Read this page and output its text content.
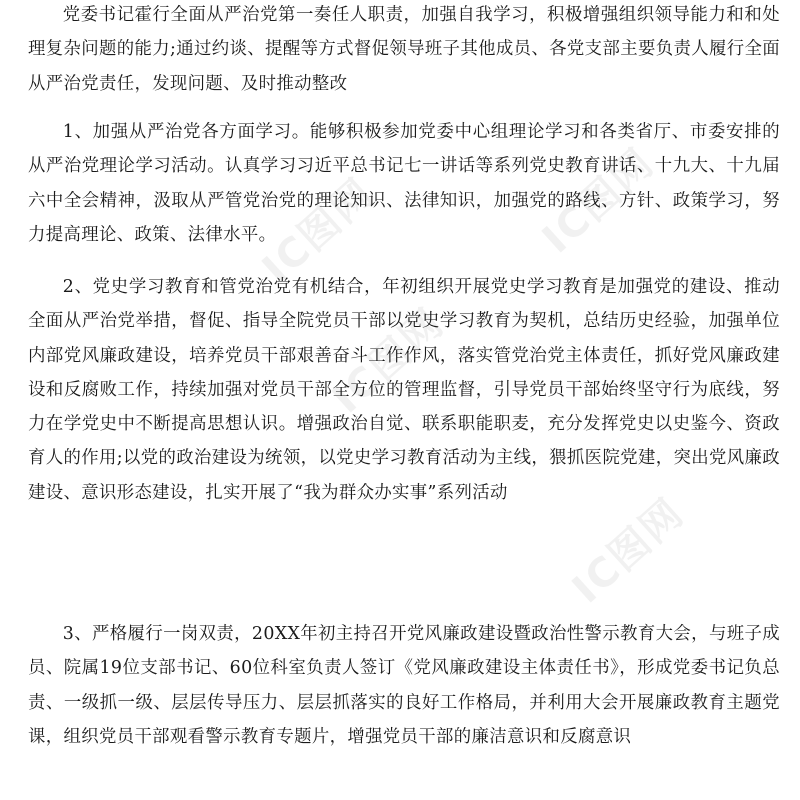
IC图网	IC图网
IC图网
IC图网

党委书记霍行全面从严治党第一奏任人职责，加强自我学习，积极增强组织领导能力和和处理复杂问题的能力;通过约谈、提醒等方式督促领导班子其他成员、各党支部主要负责人履行全面从严治党责任，发现问题、及时推动整改

1、加强从严治党各方面学习。能够积极参加党委中心组理论学习和各类省厅、市委安排的从严治党理论学习活动。认真学习习近平总书记七一讲话等系列党史教育讲话、十九大、十九届六中全会精神，汲取从严管党治党的理论知识、法律知识，加强党的路线、方针、政策学习，努力提高理论、政策、法律水平。

2、党史学习教育和管党治党有机结合，年初组织开展党史学习教育是加强党的建设、推动全面从严治党举措，督促、指导全院党员干部以党史学习教育为契机，总结历史经验，加强单位内部党风廉政建设，培养党员干部艰善奋斗工作作风，落实管党治党主体责任，抓好党风廉政建设和反腐败工作，持续加强对党员干部全方位的管理监督，引导党员干部始终坚守行为底线，努力在学党史中不断提高思想认识。增强政治自觉、联系职能职麦，充分发挥党史以史鉴今、资政育人的作用;以党的政治建设为统领，以党史学习教育活动为主线，猥抓医院党建，突出党风廉政建设、意识形态建设，扎实开展了“我为群众办实事”系列活动

3、严格履行一岗双责，20XX年初主持召开党风廉政建设暨政治性警示教育大会，与班子成员、院属19位支部书记、60位科室负责人签订《党风廉政建设主体责任书》，形成党委书记负总责、一级抓一级、层层传导压力、层层抓落实的良好工作格局，并利用大会开展廉政教育主题党课，组织党员干部观看警示教育专题片，增强党员干部的廉洁意识和反腐意识
